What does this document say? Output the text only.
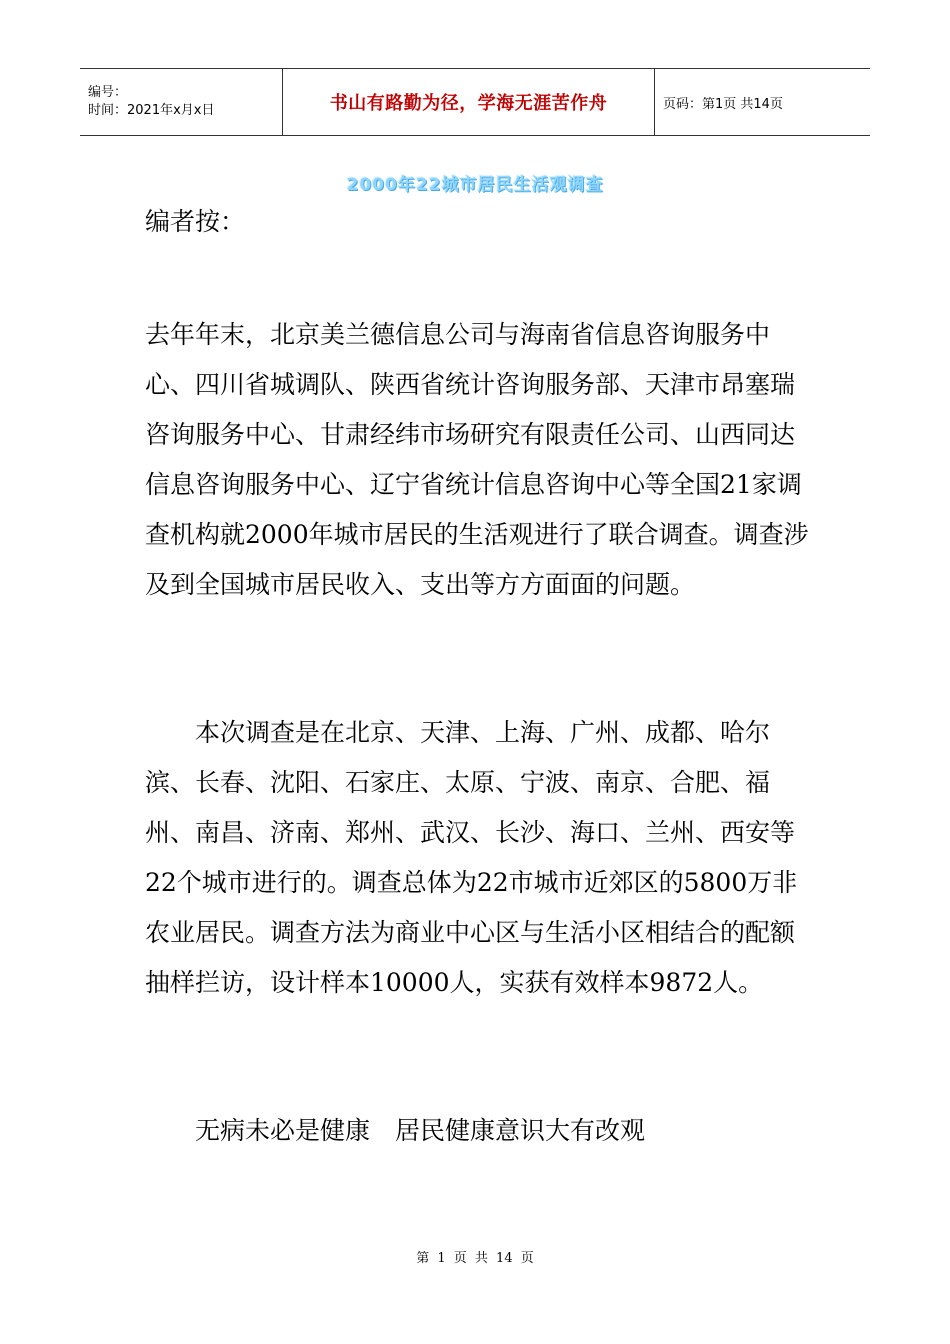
编号：
时间：2021年x月x日	书山有路勤为径，学海无涯苦作舟	页码：第1页 共14页
2000年22城市居民生活观调查

编者按：

去年年末，北京美兰德信息公司与海南省信息咨询服务中心、四川省城调队、陕西省统计咨询服务部、天津市昂塞瑞咨询服务中心、甘肃经纬市场研究有限责任公司、山西同达信息咨询服务中心、辽宁省统计信息咨询中心等全国21家调查机构就2000年城市居民的生活观进行了联合调查。调查涉及到全国城市居民收入、支出等方方面面的问题。

本次调查是在北京、天津、上海、广州、成都、哈尔滨、长春、沈阳、石家庄、太原、宁波、南京、合肥、福州、南昌、济南、郑州、武汉、长沙、海口、兰州、西安等22个城市进行的。调查总体为22市城市近郊区的5800万非农业居民。调查方法为商业中心区与生活小区相结合的配额抽样拦访，设计样本10000人，实获有效样本9872人。

无病未必是健康　居民健康意识大有改观

第 1 页 共 14 页
